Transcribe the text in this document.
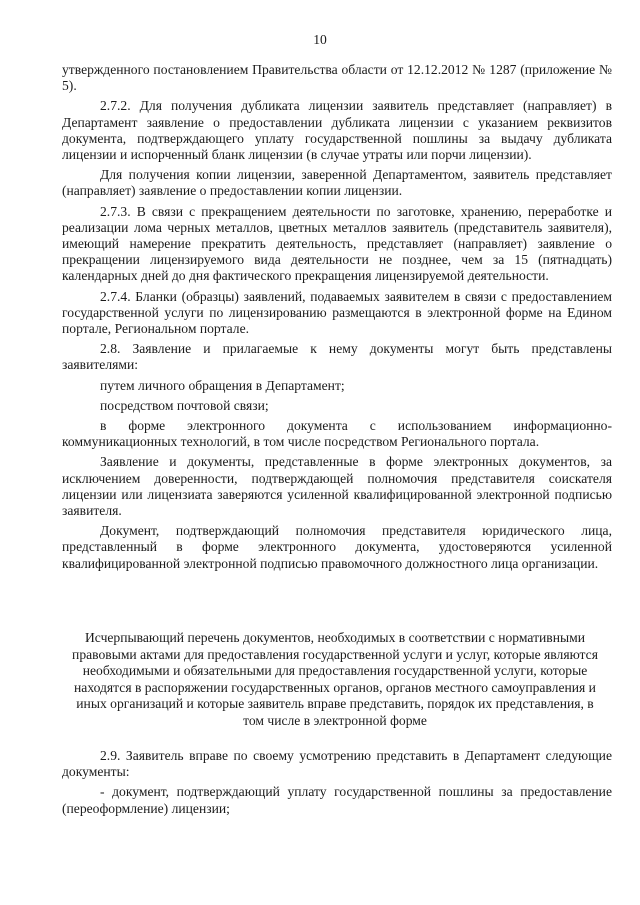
10

утвержденного постановлением Правительства области от 12.12.2012 № 1287 (приложение № 5).

2.7.2. Для получения дубликата лицензии заявитель представляет (направляет) в Департамент заявление о предоставлении дубликата лицензии с указанием реквизитов документа, подтверждающего уплату государственной пошлины за выдачу дубликата лицензии и испорченный бланк лицензии (в случае утраты или порчи лицензии).

Для получения копии лицензии, заверенной Департаментом, заявитель представляет (направляет) заявление о предоставлении копии лицензии.

2.7.3. В связи с прекращением деятельности по заготовке, хранению, переработке и реализации лома черных металлов, цветных металлов заявитель (представитель заявителя), имеющий намерение прекратить деятельность, представляет (направляет) заявление о прекращении лицензируемого вида деятельности не позднее, чем за 15 (пятнадцать) календарных дней до дня фактического прекращения лицензируемой деятельности.

2.7.4. Бланки (образцы) заявлений, подаваемых заявителем в связи с предоставлением государственной услуги по лицензированию размещаются в электронной форме на Едином портале, Региональном портале.

2.8. Заявление и прилагаемые к нему документы могут быть представлены заявителями:

путем личного обращения в Департамент;

посредством почтовой связи;

в форме электронного документа с использованием информационно-коммуникационных технологий, в том числе посредством Регионального портала.

Заявление и документы, представленные в форме электронных документов, за исключением доверенности, подтверждающей полномочия представителя соискателя лицензии или лицензиата заверяются усиленной квалифицированной электронной подписью заявителя.

Документ, подтверждающий полномочия представителя юридического лица, представленный в форме электронного документа, удостоверяются усиленной квалифицированной электронной подписью правомочного должностного лица организации.

Исчерпывающий перечень документов, необходимых в соответствии с нормативными правовыми актами для предоставления государственной услуги и услуг, которые являются необходимыми и обязательными для предоставления государственной услуги, которые находятся в распоряжении государственных органов, органов местного самоуправления и иных организаций и которые заявитель вправе представить, порядок их представления, в том числе в электронной форме

2.9. Заявитель вправе по своему усмотрению представить в Департамент следующие документы:

- документ, подтверждающий уплату государственной пошлины за предоставление (переоформление) лицензии;
